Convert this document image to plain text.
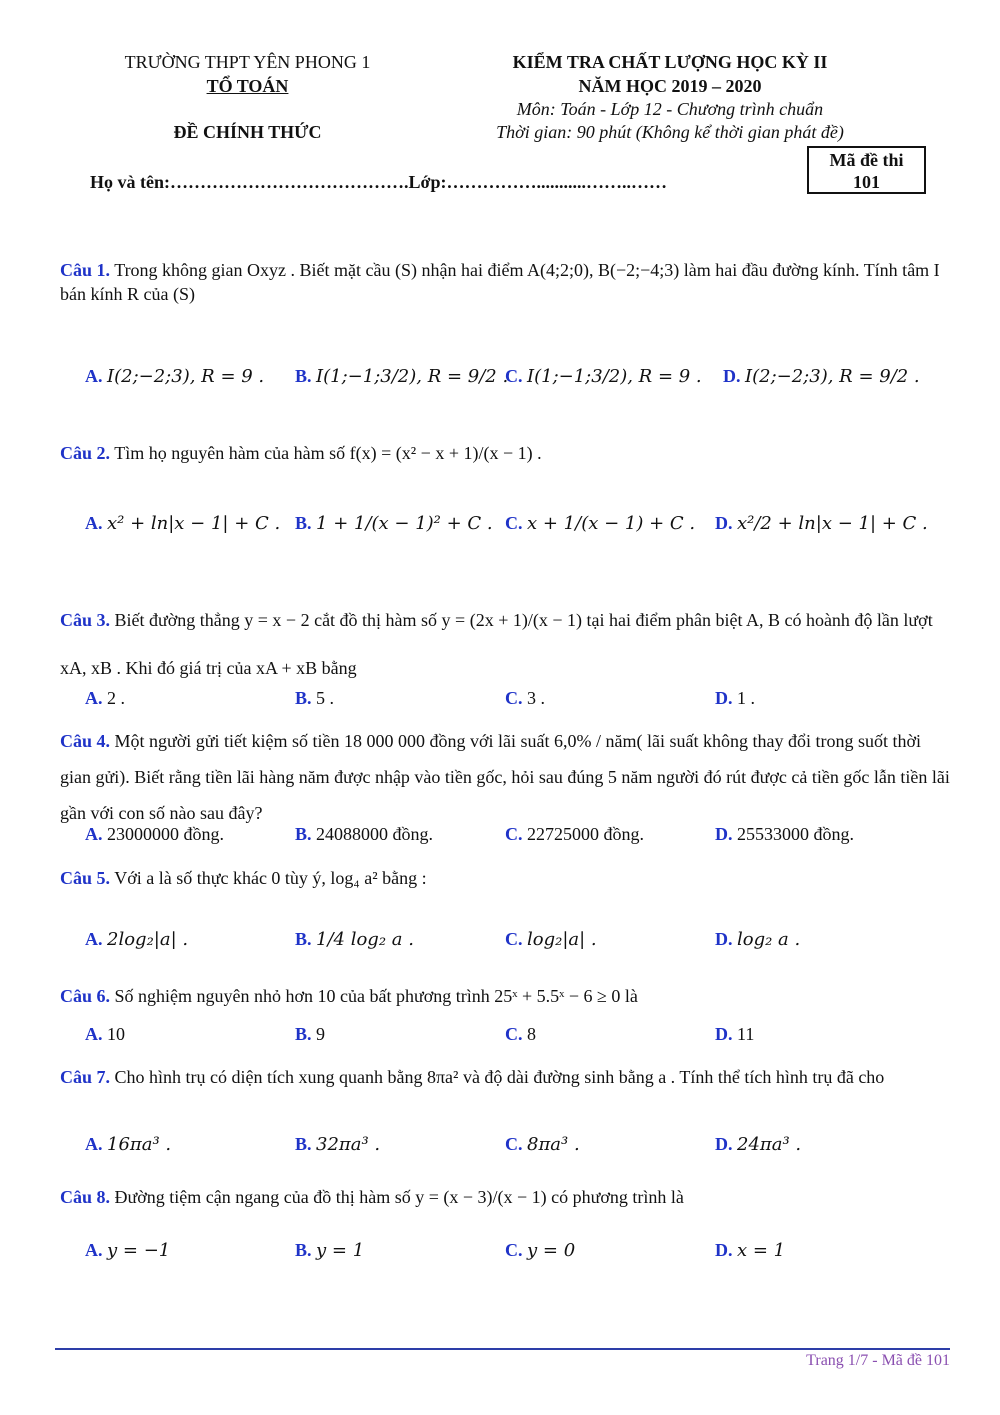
TRƯỜNG THPT YÊN PHONG 1
TỔ TOÁN
ĐỀ CHÍNH THỨC
KIỂM TRA CHẤT LƯỢNG HỌC KỲ II
NĂM HỌC 2019 – 2020
Môn: Toán - Lớp 12 - Chương trình chuẩn
Thời gian: 90 phút (Không kể thời gian phát đề)
Họ và tên:………………………………….Lớp:……………...........……..……
Mã đề thi
101
Câu 1. Trong không gian Oxyz . Biết mặt cầu (S) nhận hai điểm A(4;2;0), B(−2;−4;3) làm hai đầu đường kính. Tính tâm I bán kính R của (S)
A. I(2;−2;3), R = 9 . B. I(1;−1;3/2), R = 9/2 .
C. I(1;−1;3/2), R = 9 . D. I(2;−2;3), R = 9/2 .
Câu 2. Tìm họ nguyên hàm của hàm số f(x) = (x² − x + 1)/(x − 1) .
A. x² + ln|x − 1| + C . B. 1 + 1/(x − 1)² + C . C. x + 1/(x − 1) + C . D. x²/2 + ln|x − 1| + C .
Câu 3. Biết đường thẳng y = x − 2 cắt đồ thị hàm số y = (2x + 1)/(x − 1) tại hai điểm phân biệt A, B có hoành độ lần lượt xA, xB . Khi đó giá trị của xA + xB bằng
A. 2 .	B. 5 .	C. 3 .	D. 1 .
Câu 4. Một người gửi tiết kiệm số tiền 18 000 000 đồng với lãi suất 6,0% / năm( lãi suất không thay đổi trong suốt thời gian gửi). Biết rằng tiền lãi hàng năm được nhập vào tiền gốc, hỏi sau đúng 5 năm người đó rút được cả tiền gốc lẫn tiền lãi gần với con số nào sau đây?
A. 23000000 đồng.	B. 24088000 đồng.	C. 22725000 đồng.	D. 25533000 đồng.
Câu 5. Với a là số thực khác 0 tùy ý, log₄ a² bằng :
A. 2log₂|a| .	B. 1/4 log₂ a .	C. log₂|a| .	D. log₂ a .
Câu 6. Số nghiệm nguyên nhỏ hơn 10 của bất phương trình 25ˣ + 5.5ˣ − 6 ≥ 0 là
A. 10	B. 9	C. 8	D. 11
Câu 7. Cho hình trụ có diện tích xung quanh bằng 8πa² và độ dài đường sinh bằng a . Tính thể tích hình trụ đã cho
A. 16πa³ .	B. 32πa³ .	C. 8πa³ .	D. 24πa³ .
Câu 8. Đường tiệm cận ngang của đồ thị hàm số y = (x − 3)/(x − 1) có phương trình là
A. y = −1	B. y = 1	C. y = 0	D. x = 1
Trang 1/7 - Mã đề 101
